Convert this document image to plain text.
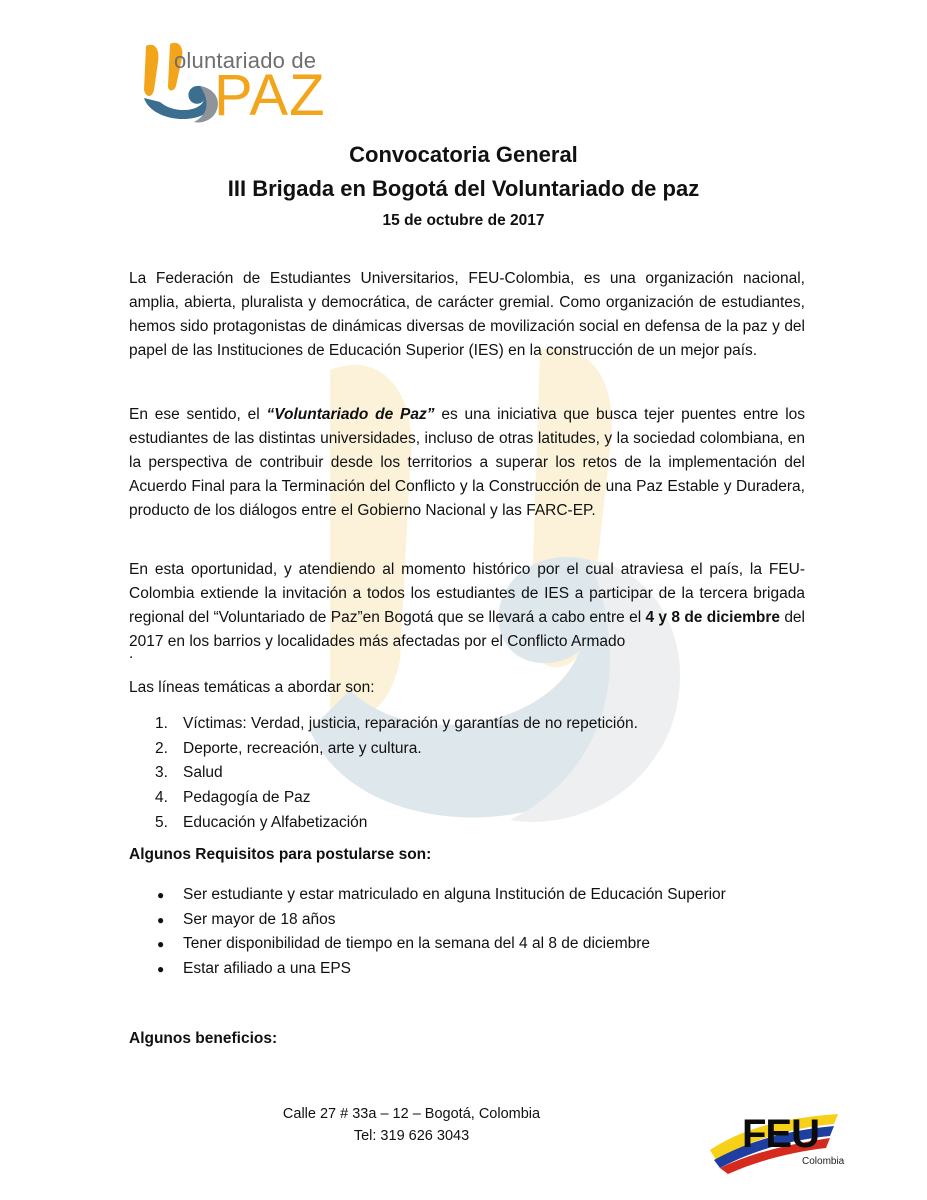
oluntariado de
PAZ
Convocatoria General
III Brigada en Bogotá del Voluntariado de paz
15 de octubre de 2017
La Federación de Estudiantes Universitarios, FEU-Colombia, es una organización nacional, amplia, abierta, pluralista y democrática, de carácter gremial. Como organización de estudiantes, hemos sido protagonistas de dinámicas diversas de movilización social en defensa de la paz y del papel de las Instituciones de Educación Superior (IES) en la construcción de un mejor país.
En ese sentido, el “Voluntariado de Paz” es una iniciativa que busca tejer puentes entre los estudiantes de las distintas universidades, incluso de otras latitudes, y la sociedad colombiana, en la perspectiva de contribuir desde los territorios a superar los retos de la implementación del Acuerdo Final para la Terminación del Conflicto y la Construcción de una Paz Estable y Duradera, producto de los diálogos entre el Gobierno Nacional y las FARC-EP.
En esta oportunidad, y atendiendo al momento histórico por el cual atraviesa el país, la FEU-Colombia extiende la invitación a todos los estudiantes de IES a participar de la tercera brigada regional del “Voluntariado de Paz”en Bogotá que se llevará a cabo entre el 4 y 8 de diciembre del 2017 en los barrios y localidades más afectadas por el Conflicto Armado
.
Las líneas temáticas a abordar son:
1. Víctimas: Verdad, justicia, reparación y garantías de no repetición.
2. Deporte, recreación, arte y cultura.
3. Salud
4. Pedagogía de Paz
5. Educación y Alfabetización
Algunos Requisitos para postularse son:
● Ser estudiante y estar matriculado en alguna Institución de Educación Superior
● Ser mayor de 18 años
● Tener disponibilidad de tiempo en la semana del 4 al 8 de diciembre
● Estar afiliado a una EPS
Algunos beneficios:
Calle 27 # 33a – 12 – Bogotá, Colombia
Tel: 319 626 3043	FEU
Colombia
